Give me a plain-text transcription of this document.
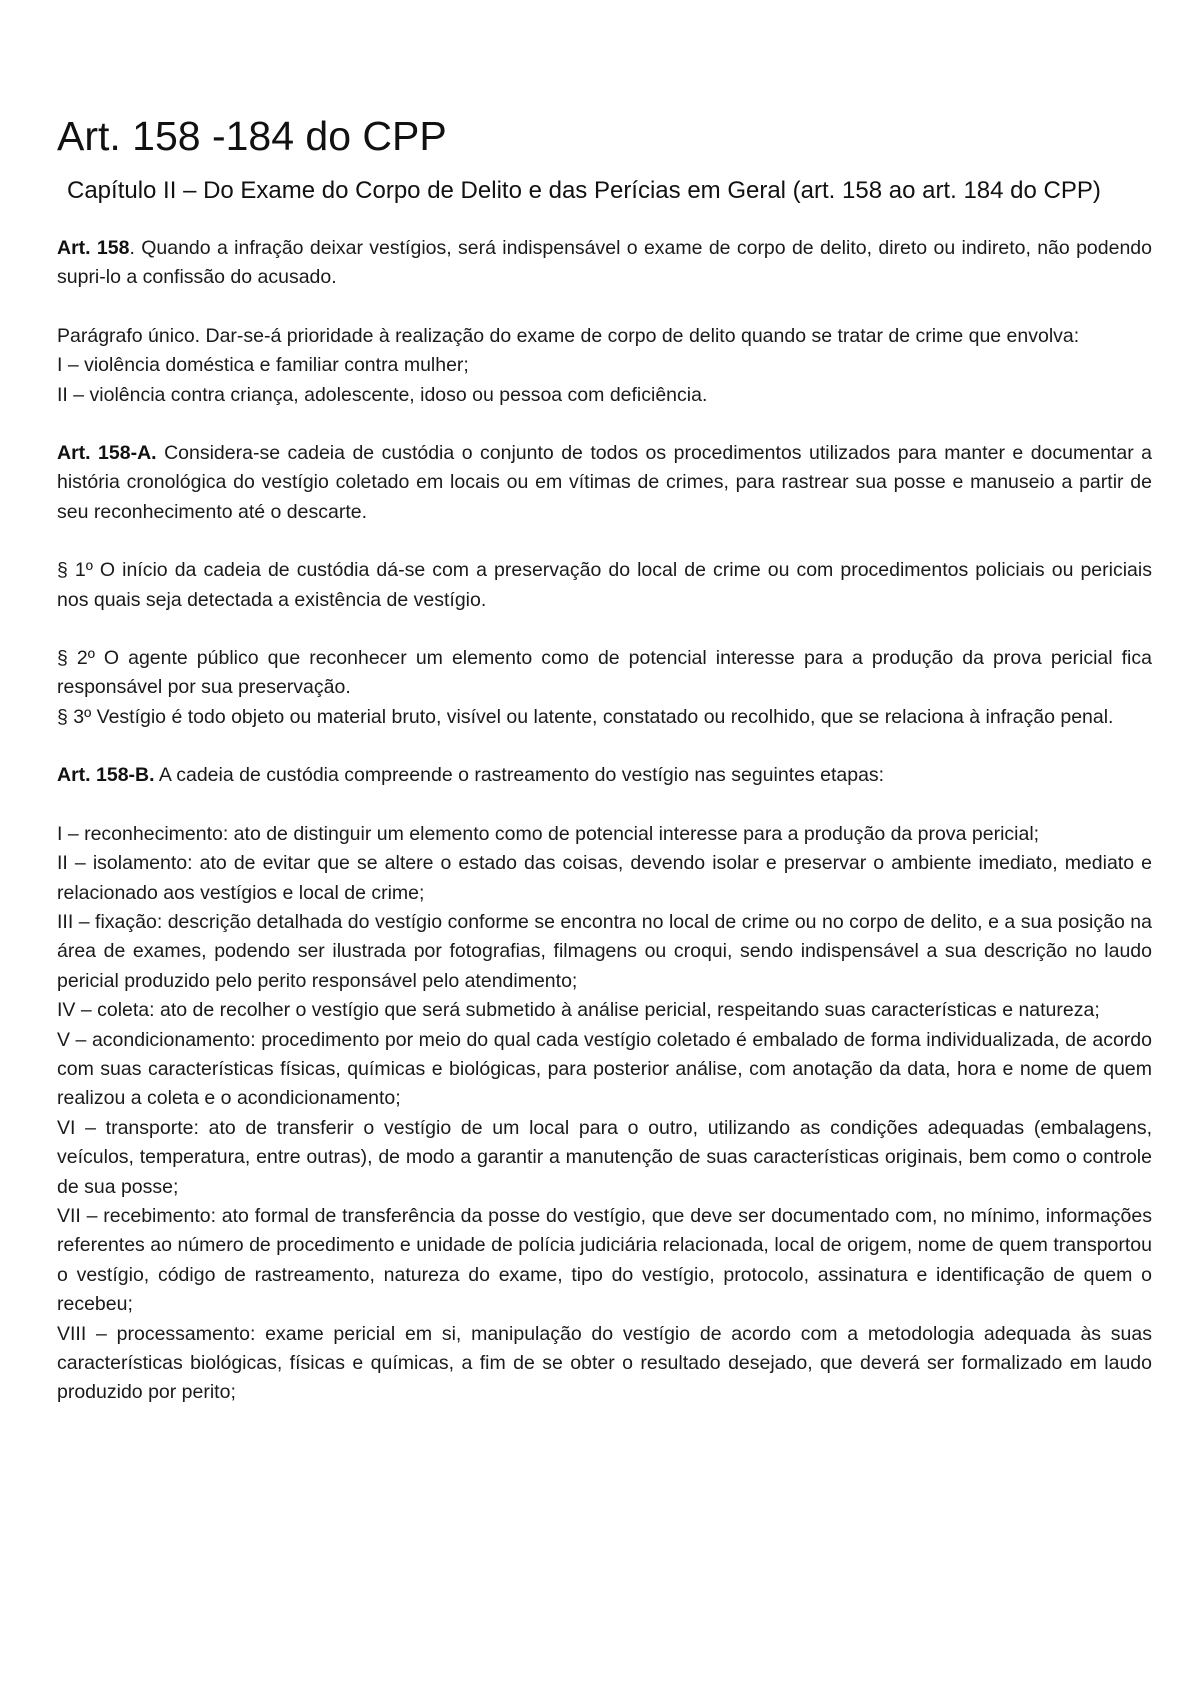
Art. 158 -184 do CPP
Capítulo II – Do Exame do Corpo de Delito e das Perícias em Geral (art. 158 ao art. 184 do CPP)

Art. 158. Quando a infração deixar vestígios, será indispensável o exame de corpo de delito, direto ou indireto, não podendo supri-lo a confissão do acusado.

Parágrafo único. Dar-se-á prioridade à realização do exame de corpo de delito quando se tratar de crime que envolva:
I – violência doméstica e familiar contra mulher;
II – violência contra criança, adolescente, idoso ou pessoa com deficiência.

Art. 158-A. Considera-se cadeia de custódia o conjunto de todos os procedimentos utilizados para manter e documentar a história cronológica do vestígio coletado em locais ou em vítimas de crimes, para rastrear sua posse e manuseio a partir de seu reconhecimento até o descarte.

§ 1º O início da cadeia de custódia dá-se com a preservação do local de crime ou com procedimentos policiais ou periciais nos quais seja detectada a existência de vestígio.

§ 2º O agente público que reconhecer um elemento como de potencial interesse para a produção da prova pericial fica responsável por sua preservação.
§ 3º Vestígio é todo objeto ou material bruto, visível ou latente, constatado ou recolhido, que se relaciona à infração penal.

Art. 158-B. A cadeia de custódia compreende o rastreamento do vestígio nas seguintes etapas:

I – reconhecimento: ato de distinguir um elemento como de potencial interesse para a produção da prova pericial;
II – isolamento: ato de evitar que se altere o estado das coisas, devendo isolar e preservar o ambiente imediato, mediato e relacionado aos vestígios e local de crime;
III – fixação: descrição detalhada do vestígio conforme se encontra no local de crime ou no corpo de delito, e a sua posição na área de exames, podendo ser ilustrada por fotografias, filmagens ou croqui, sendo indispensável a sua descrição no laudo pericial produzido pelo perito responsável pelo atendimento;
IV – coleta: ato de recolher o vestígio que será submetido à análise pericial, respeitando suas características e natureza;
V – acondicionamento: procedimento por meio do qual cada vestígio coletado é embalado de forma individualizada, de acordo com suas características físicas, químicas e biológicas, para posterior análise, com anotação da data, hora e nome de quem realizou a coleta e o acondicionamento;
VI – transporte: ato de transferir o vestígio de um local para o outro, utilizando as condições adequadas (embalagens, veículos, temperatura, entre outras), de modo a garantir a manutenção de suas características originais, bem como o controle de sua posse;
VII – recebimento: ato formal de transferência da posse do vestígio, que deve ser documentado com, no mínimo, informações referentes ao número de procedimento e unidade de polícia judiciária relacionada, local de origem, nome de quem transportou o vestígio, código de rastreamento, natureza do exame, tipo do vestígio, protocolo, assinatura e identificação de quem o recebeu;
VIII – processamento: exame pericial em si, manipulação do vestígio de acordo com a metodologia adequada às suas características biológicas, físicas e químicas, a fim de se obter o resultado desejado, que deverá ser formalizado em laudo produzido por perito;
